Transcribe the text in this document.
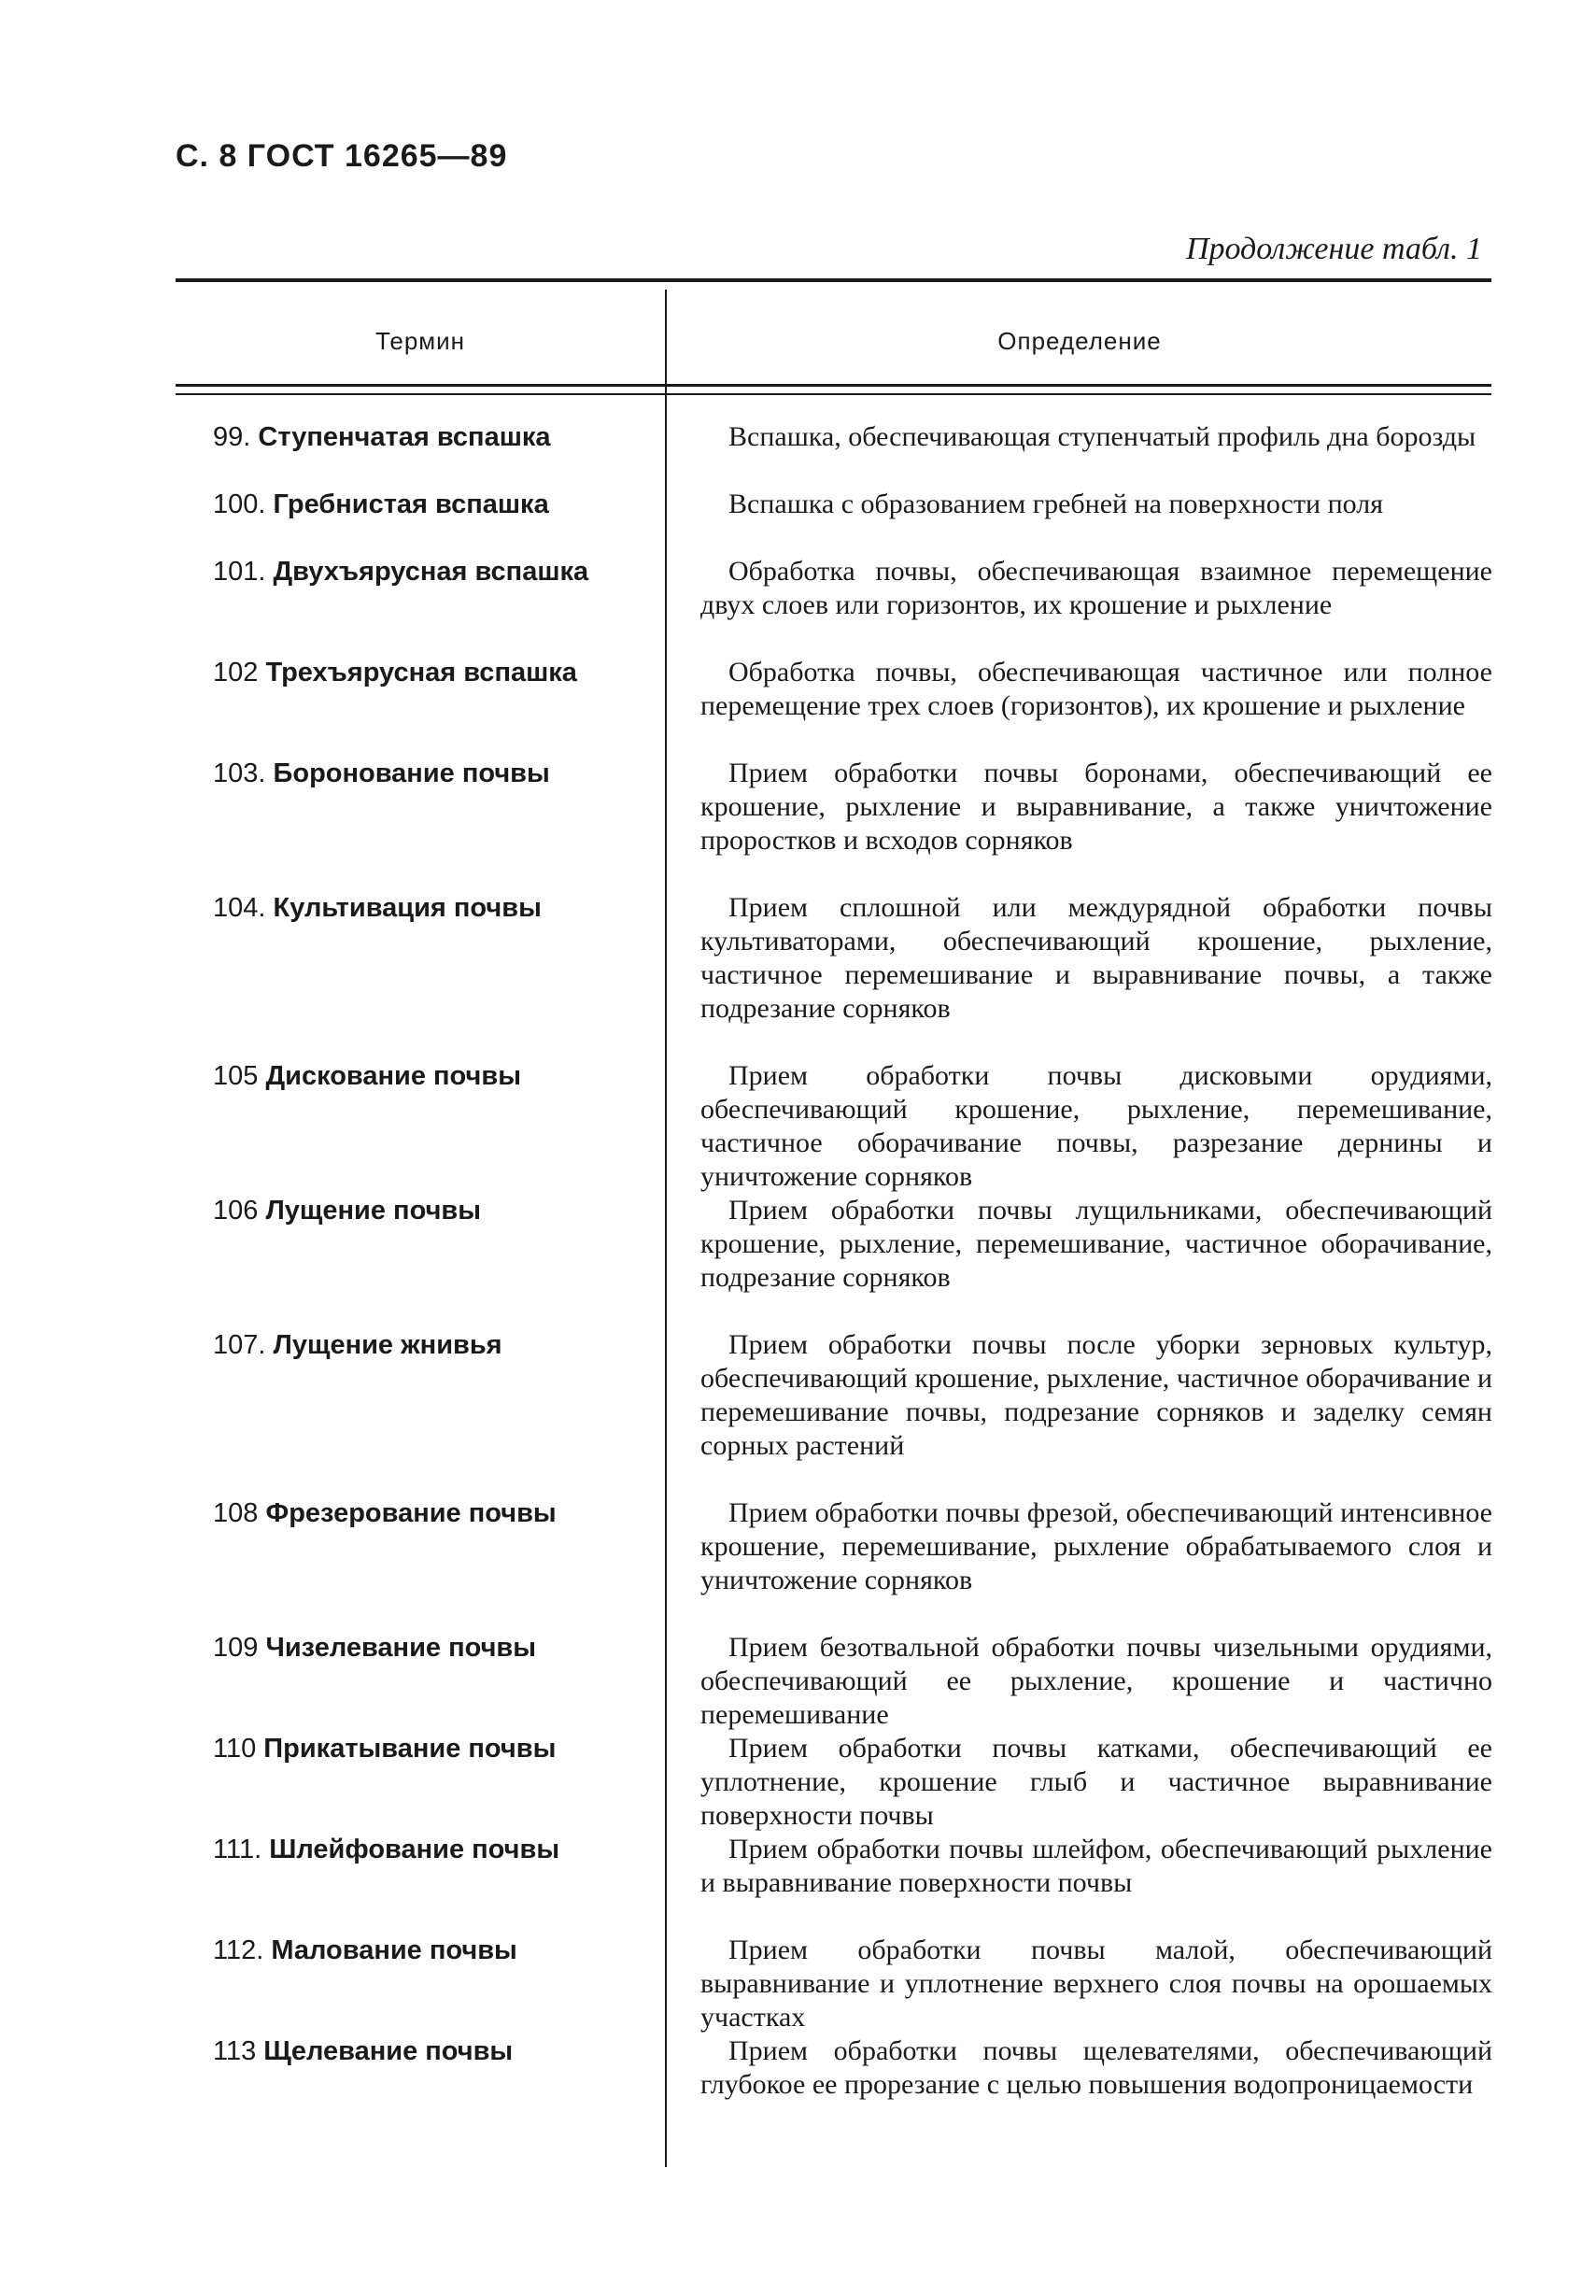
С. 8 ГОСТ 16265—89
Продолжение табл. 1
Термин	Определение
99. Ступенчатая вспашка	Вспашка, обеспечивающая ступенчатый профиль дна борозды
100. Гребнистая вспашка	Вспашка с образованием гребней на поверхности поля
101. Двухъярусная вспашка	Обработка почвы, обеспечивающая взаимное перемещение двух слоев или горизонтов, их крошение и рыхление
102 Трехъярусная вспашка	Обработка почвы, обеспечивающая частичное или полное перемещение трех слоев (горизонтов), их крошение и рыхление
103. Боронование почвы	Прием обработки почвы боронами, обеспечивающий ее крошение, рыхление и выравнивание, а также уничтожение проростков и всходов сорняков
104. Культивация почвы	Прием сплошной или междурядной обработки почвы культиваторами, обеспечивающий крошение, рыхление, частичное перемешивание и выравнивание почвы, а также подрезание сорняков
105 Дискование почвы	Прием обработки почвы дисковыми орудиями, обеспечивающий крошение, рыхление, перемешивание, частичное оборачивание почвы, разрезание дернины и уничтожение сорняков
106 Лущение почвы	Прием обработки почвы лущильниками, обеспечивающий крошение, рыхление, перемешивание, частичное оборачивание, подрезание сорняков
107. Лущение жнивья	Прием обработки почвы после уборки зерновых культур, обеспечивающий крошение, рыхление, частичное оборачивание и перемешивание почвы, подрезание сорняков и заделку семян сорных растений
108 Фрезерование почвы	Прием обработки почвы фрезой, обеспечивающий интенсивное крошение, перемешивание, рыхление обрабатываемого слоя и уничтожение сорняков
109 Чизелевание почвы	Прием безотвальной обработки почвы чизельными орудиями, обеспечивающий ее рыхление, крошение и частично перемешивание
110 Прикатывание почвы	Прием обработки почвы катками, обеспечивающий ее уплотнение, крошение глыб и частичное выравнивание поверхности почвы
111. Шлейфование почвы	Прием обработки почвы шлейфом, обеспечивающий рыхление и выравнивание поверхности почвы
112. Малование почвы	Прием обработки почвы малой, обеспечивающий выравнивание и уплотнение верхнего слоя почвы на орошаемых участках
113 Щелевание почвы	Прием обработки почвы щелевателями, обеспечивающий глубокое ее прорезание с целью повышения водопроницаемости
